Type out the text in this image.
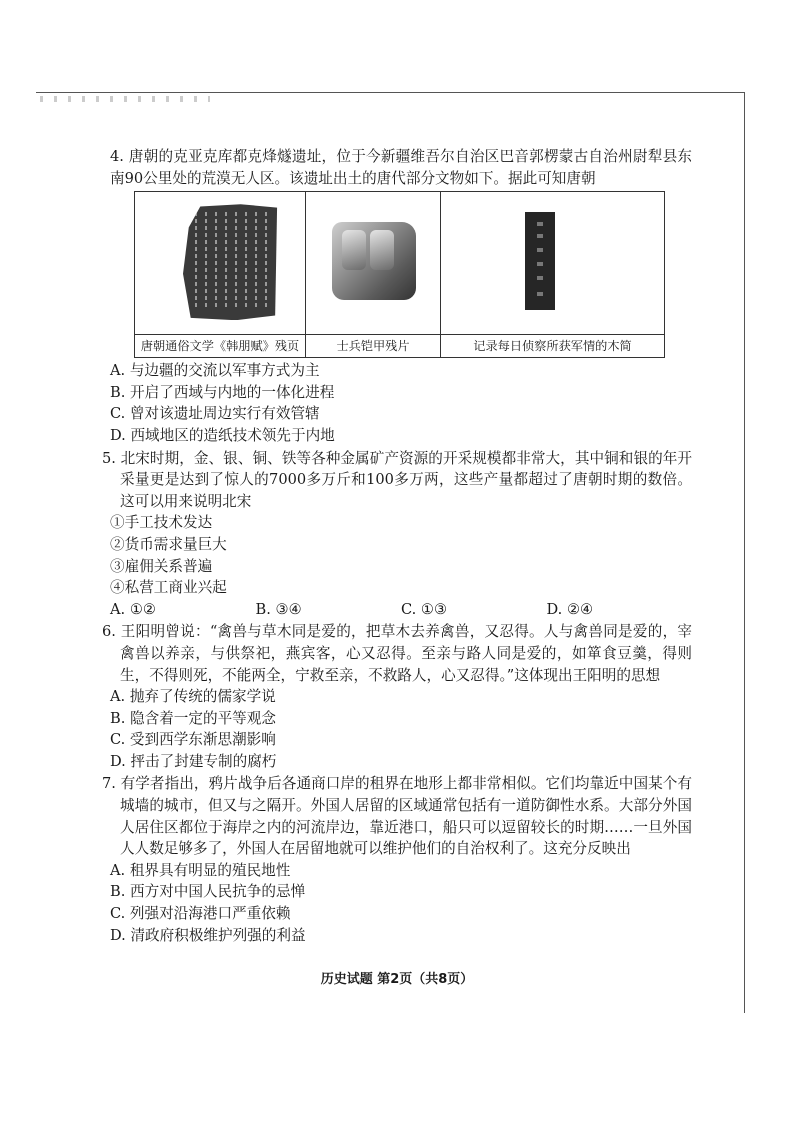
4. 唐朝的克亚克库都克烽燧遗址，位于今新疆维吾尔自治区巴音郭楞蒙古自治州尉犁县东南90公里处的荒漠无人区。该遗址出土的唐代部分文物如下。据此可知唐朝

唐朝通俗文学《韩朋赋》残页	士兵铠甲残片	记录每日侦察所获军情的木简

A. 与边疆的交流以军事方式为主

B. 开启了西域与内地的一体化进程

C. 曾对该遗址周边实行有效管辖

D. 西域地区的造纸技术领先于内地

5. 北宋时期，金、银、铜、铁等各种金属矿产资源的开采规模都非常大，其中铜和银的年开采量更是达到了惊人的7000多万斤和100多万两，这些产量都超过了唐朝时期的数倍。这可以用来说明北宋

①手工技术发达

②货币需求量巨大

③雇佣关系普遍

④私营工商业兴起

A. ①②	B. ③④	C. ①③	D. ②④

6. 王阳明曾说：“禽兽与草木同是爱的，把草木去养禽兽，又忍得。人与禽兽同是爱的，宰禽兽以养亲，与供祭祀，燕宾客，心又忍得。至亲与路人同是爱的，如箪食豆羹，得则生，不得则死，不能两全，宁救至亲，不救路人，心又忍得。”这体现出王阳明的思想

A. 抛弃了传统的儒家学说

B. 隐含着一定的平等观念

C. 受到西学东渐思潮影响

D. 抨击了封建专制的腐朽

7. 有学者指出，鸦片战争后各通商口岸的租界在地形上都非常相似。它们均靠近中国某个有城墙的城市，但又与之隔开。外国人居留的区域通常包括有一道防御性水系。大部分外国人居住区都位于海岸之内的河流岸边，靠近港口，船只可以逗留较长的时期……一旦外国人人数足够多了，外国人在居留地就可以维护他们的自治权利了。这充分反映出

A. 租界具有明显的殖民地性

B. 西方对中国人民抗争的忌惮

C. 列强对沿海港口严重依赖

D. 清政府积极维护列强的利益

历史试题 第2页（共8页）
